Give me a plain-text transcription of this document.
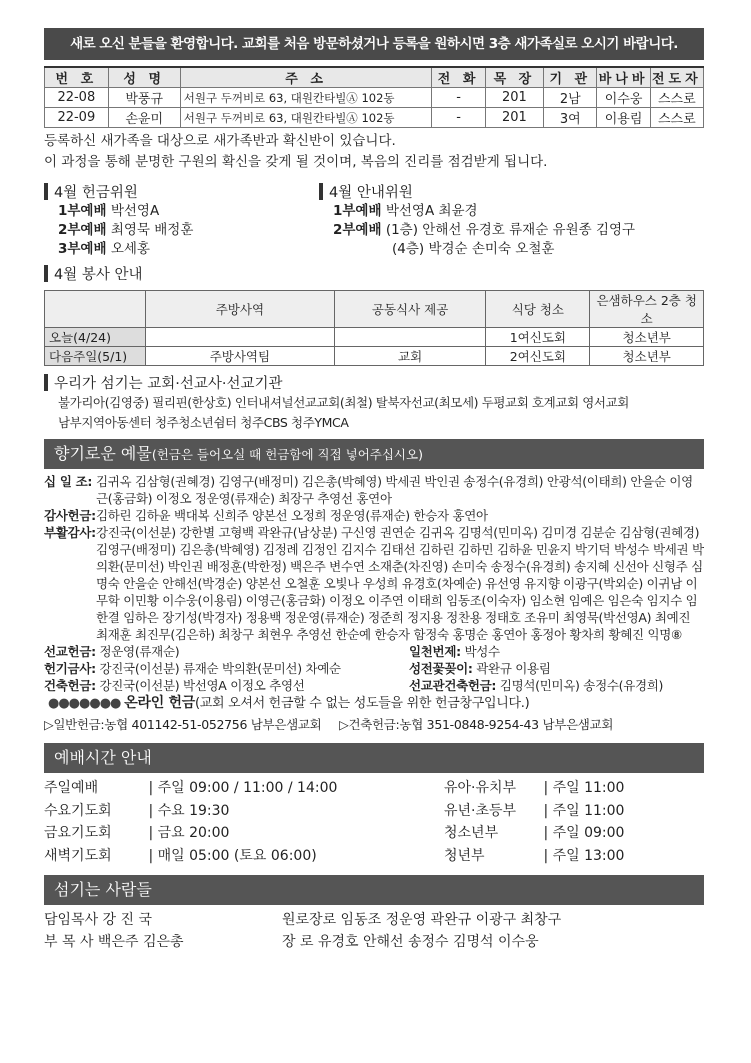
새로 오신 분들을 환영합니다. 교회를 처음 방문하셨거나 등록을 원하시면 3층 새가족실로 오시기 바랍니다.
번 호	성 명	주 소	전 화	목 장	기 관	바나바	전도자
22-08	박풍규	서원구 두꺼비로 63, 대원칸타빌Ⓐ 102동	-	201	2남	이수웅	스스로
22-09	손윤미	서원구 두꺼비로 63, 대원칸타빌Ⓐ 102동	-	201	3여	이용림	스스로

등록하신 새가족을 대상으로 새가족반과 확신반이 있습니다.

이 과정을 통해 분명한 구원의 확신을 갖게 될 것이며, 복음의 진리를 점검받게 됩니다.

4월 헌금위원
1부예배 박선영A
2부예배 최영묵 배정훈
3부예배 오세홍
4월 안내위원
1부예배 박선영A 최윤경
2부예배 (1층) 안해선 유경호 류재순 유원종 김영구
(4층) 박경순 손미숙 오철훈
4월 봉사 안내
	주방사역	공동식사 제공	식당 청소	은샘하우스 2층 청소
오늘(4/24)			1여신도회	청소년부
다음주일(5/1)	주방사역팀	교회	2여신도회	청소년부
우리가 섬기는 교회·선교사·선교기관
불가리아(김영중) 필리핀(한상호) 인터내셔널선교교회(최철) 탈북자선교(최모세) 두평교회 호계교회 영서교회
남부지역아동센터 청주청소년쉼터 청주CBS 청주YMCA
향기로운 예물(헌금은 들어오실 때 헌금함에 직접 넣어주십시오)
십 일 조: 김귀옥 김삼형(권혜경) 김영구(배정미) 김은총(박혜영) 박세권 박인권 송정수(유경희) 안광석(이태희) 안을순 이영근(홍금화) 이정오 정운영(류재순) 최장구 추영선 홍연아
감사헌금: 김하린 김하윤 백대복 신희주 양본선 오정희 정운영(류재순) 한승자 홍연아
부활감사: 강진국(이선분) 강한별 고형백 곽완규(남상분) 구신영 권연순 김귀옥 김명석(민미옥) 김미경 김분순 김삼형(권혜경) 김영구(배정미) 김은총(박혜영) 김정례 김정인 김지수 김태선 김하린 김하민 김하윤 민윤지 박기덕 박성수 박세권 박의환(문미선) 박인권 배정훈(박한정) 백은주 변수연 소재춘(차진영) 손미숙 송정수(유경희) 송지혜 신선아 신형주 심명숙 안을순 안해선(박경순) 양본선 오철훈 오빛나 우성희 유경호(차예순) 유선영 유지향 이광구(박외순) 이귀남 이무학 이민황 이수웅(이용림) 이영근(홍금화) 이정오 이주연 이태희 임동조(이숙자) 임소현 임예은 임은숙 임지수 임한결 임하은 장기성(박경자) 정용백 정운영(류재순) 정준희 정지용 정찬용 정태호 조유미 최영묵(박선영A) 최예진 최재훈 최진무(김은하) 최창구 최현우 추영선 한순예 한승자 함정숙 홍명순 홍연아 홍정아 황차희 황혜진 익명⑧
선교헌금: 정운영(류재순)
헌기금사: 강진국(이선분) 류재순 박의환(문미선) 차예순
건축헌금: 강진국(이선분) 박선영A 이정오 추영선
일천번제: 박성수
성전꽃꽂이: 곽완규 이용림
선교관건축헌금: 김명석(민미옥) 송정수(유경희)
●●●●●●● 온라인 헌금(교회 오셔서 헌금할 수 없는 성도들을 위한 헌금창구입니다.)
▷일반헌금:농협 401142-51-052756 남부은샘교회 ▷건축헌금:농협 351-0848-9254-43 남부은샘교회
예배시간 안내
주일예배	| 주일 09:00 / 11:00 / 14:00
수요기도회	| 수요 19:30
금요기도회	| 금요 20:00
새벽기도회	| 매일 05:00 (토요 06:00)
유아·유치부 | 주일 11:00
유년·초등부 | 주일 11:00
청소년부	| 주일 09:00
청년부	| 주일 13:00
섬기는 사람들
담임목사 강 진 국
부 목 사 백은주 김은총
원로장로 임동조 정운영 곽완규 이광구 최창구
장 로 유경호 안해선 송정수 김명석 이수웅
